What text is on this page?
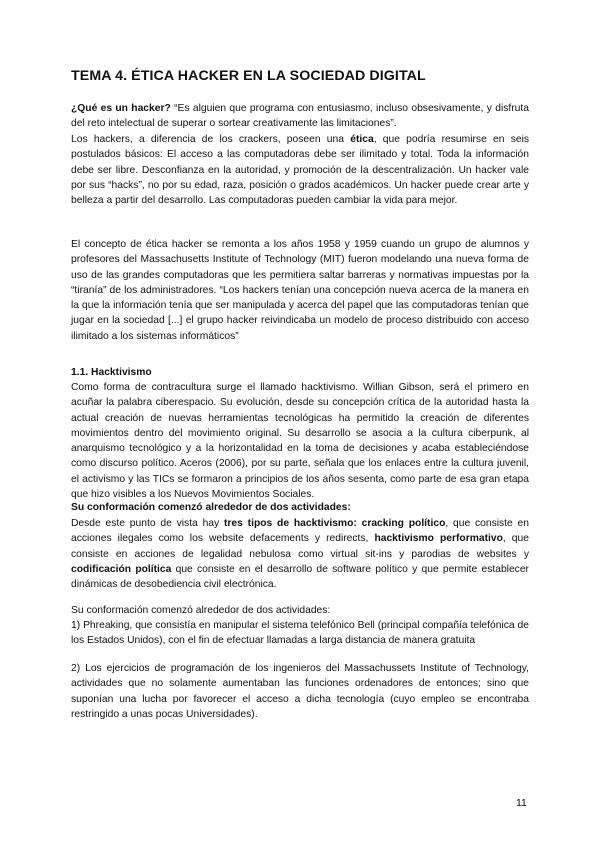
TEMA 4. ÉTICA HACKER EN LA SOCIEDAD DIGITAL

¿Qué es un hacker? “Es alguien que programa con entusiasmo, incluso obsesivamente, y disfruta del reto intelectual de superar o sortear creativamente las limitaciones”.

Los hackers, a diferencia de los crackers, poseen una ética, que podría resumirse en seis postulados básicos: El acceso a las computadoras debe ser ilimitado y total. Toda la información debe ser libre. Desconfianza en la autoridad, y promoción de la descentralización. Un hacker vale por sus “hacks”, no por su edad, raza, posición o grados académicos. Un hacker puede crear arte y belleza a partir del desarrollo. Las computadoras pueden cambiar la vida para mejor.

El concepto de ética hacker se remonta a los años 1958 y 1959 cuando un grupo de alumnos y profesores del Massachusetts Institute of Technology (MIT) fueron modelando una nueva forma de uso de las grandes computadoras que les permitiera saltar barreras y normativas impuestas por la “tiranía” de los administradores. “Los hackers tenían una concepción nueva acerca de la manera en la que la información tenía que ser manipulada y acerca del papel que las computadoras tenían que jugar en la sociedad [...] el grupo hacker reivindicaba un modelo de proceso distribuido con acceso ilimitado a los sistemas informáticos”

1.1. Hacktivismo

Como forma de contracultura surge el llamado hacktivismo. Willian Gibson, será el primero en acuñar la palabra ciberespacio. Su evolución, desde su concepción crítica de la autoridad hasta la actual creación de nuevas herramientas tecnológicas ha permitido la creación de diferentes movimientos dentro del movimiento original. Su desarrollo se asocia a la cultura ciberpunk, al anarquismo tecnológico y a la horizontalidad en la toma de decisiones y acaba estableciéndose como discurso político. Aceros (2006), por su parte, señala que los enlaces entre la cultura juvenil, el activismo y las TICs se formaron a principios de los años sesenta, como parte de esa gran etapa que hizo visibles a los Nuevos Movimientos Sociales.

Su conformación comenzó alrededor de dos actividades:

Desde este punto de vista hay tres tipos de hacktivismo: cracking político, que consiste en acciones ilegales como los website defacements y redirects, hacktivismo performativo, que consiste en acciones de legalidad nebulosa como virtual sit-ins y parodias de websites y codificación política que consiste en el desarrollo de software político y que permite establecer dinámicas de desobediencia civil electrónica.

Su conformación comenzó alrededor de dos actividades:

1) Phreaking, que consistía en manipular el sistema telefónico Bell (principal compañía telefónica de los Estados Unidos), con el fin de efectuar llamadas a larga distancia de manera gratuita

2) Los ejercicios de programación de los ingenieros del Massachussets Institute of Technology, actividades que no solamente aumentaban las funciones ordenadores de entonces; sino que suponían una lucha por favorecer el acceso a dicha tecnología (cuyo empleo se encontraba restringido a unas pocas Universidades).

11
